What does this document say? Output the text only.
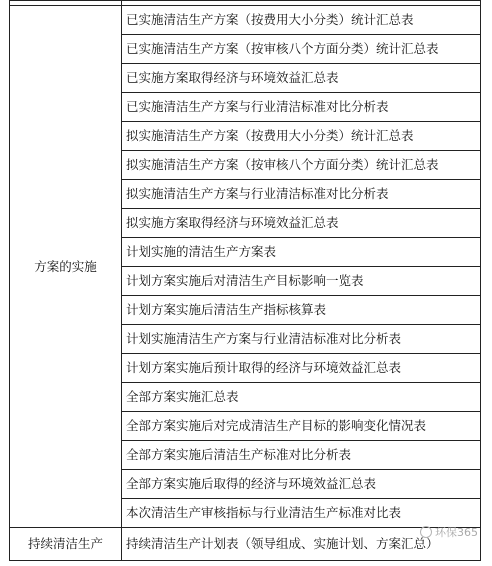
方案的实施	已实施清洁生产方案（按费用大小分类）统计汇总表
	已实施清洁生产方案（按审核八个方面分类）统计汇总表
	已实施方案取得经济与环境效益汇总表
	已实施清洁生产方案与行业清洁标准对比分析表
	拟实施清洁生产方案（按费用大小分类）统计汇总表
	拟实施清洁生产方案（按审核八个方面分类）统计汇总表
	拟实施清洁生产方案与行业清洁标准对比分析表
	拟实施方案取得经济与环境效益汇总表
	计划实施的清洁生产方案表
	计划方案实施后对清洁生产目标影响一览表
	计划方案实施后清洁生产指标核算表
	计划实施清洁生产方案与行业清洁标准对比分析表
	计划方案实施后预计取得的经济与环境效益汇总表
	全部方案实施汇总表
	全部方案实施后对完成清洁生产目标的影响变化情况表
	全部方案实施后清洁生产标准对比分析表
	全部方案实施后取得的经济与环境效益汇总表
	本次清洁生产审核指标与行业清洁生产标准对比表
持续清洁生产	持续清洁生产计划表（领导组成、实施计划、方案汇总）
环保365
